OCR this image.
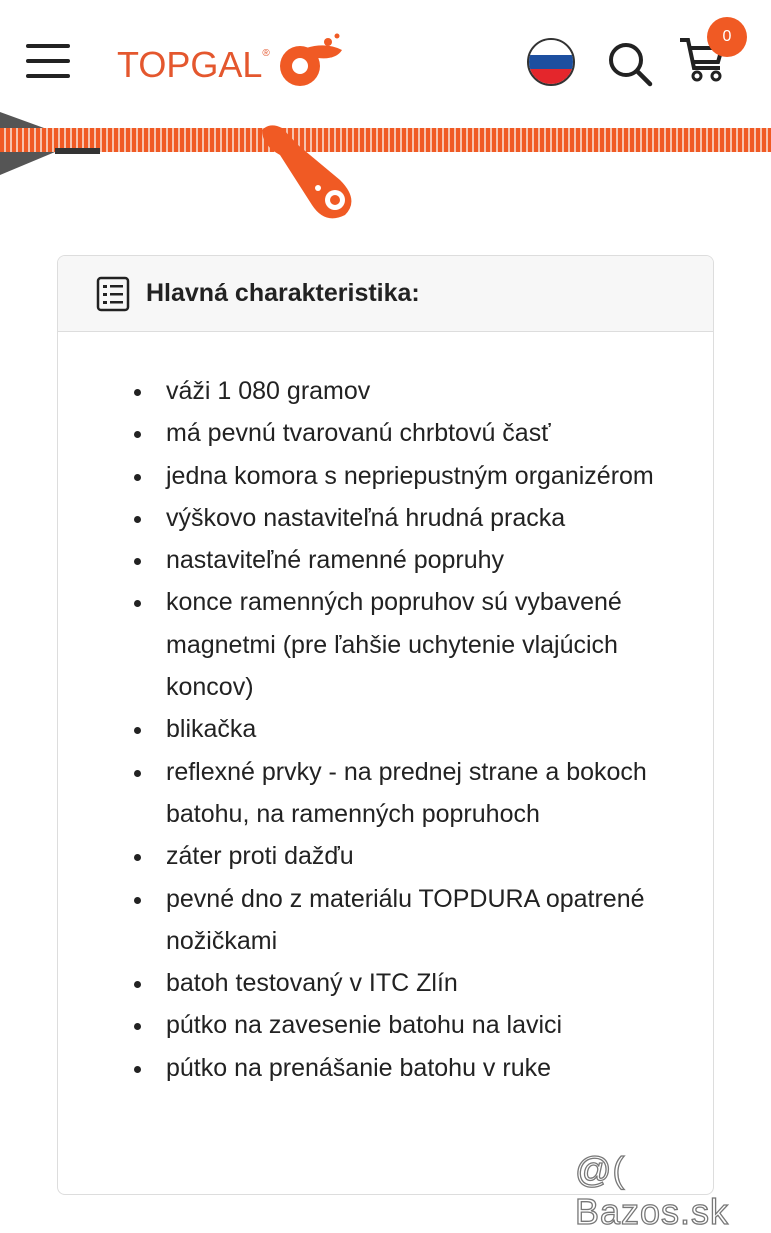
TOPGAL®
0
Hlavná charakteristika:
• váži 1 080 gramov
• má pevnú tvarovanú chrbtovú časť
• jedna komora s nepriepustným organizérom
• výškovo nastaviteľná hrudná pracka
• nastaviteľné ramenné popruhy
• konce ramenných popruhov sú vybavené magnetmi (pre ľahšie uchytenie vlajúcich koncov)
• blikačka
• reflexné prvky - na prednej strane a bokoch batohu, na ramenných popruhoch
• záter proti dažďu
• pevné dno z materiálu TOPDURA opatrené nožičkami
• batoh testovaný v ITC Zlín
• pútko na zavesenie batohu na lavici
• pútko na prenášanie batohu v ruke
@( Bazos.sk
